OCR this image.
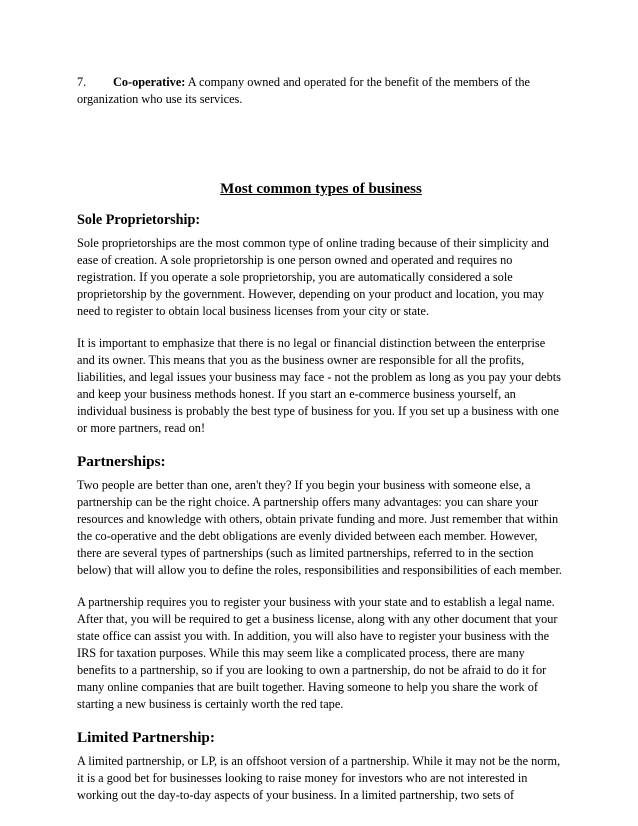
7. Co-operative: A company owned and operated for the benefit of the members of the organization who use its services.

Most common types of business
Sole Proprietorship:

Sole proprietorships are the most common type of online trading because of their simplicity and ease of creation. A sole proprietorship is one person owned and operated and requires no registration. If you operate a sole proprietorship, you are automatically considered a sole proprietorship by the government. However, depending on your product and location, you may need to register to obtain local business licenses from your city or state.

It is important to emphasize that there is no legal or financial distinction between the enterprise and its owner. This means that you as the business owner are responsible for all the profits, liabilities, and legal issues your business may face - not the problem as long as you pay your debts and keep your business methods honest. If you start an e-commerce business yourself, an individual business is probably the best type of business for you. If you set up a business with one or more partners, read on!

Partnerships:

Two people are better than one, aren't they? If you begin your business with someone else, a partnership can be the right choice. A partnership offers many advantages: you can share your resources and knowledge with others, obtain private funding and more. Just remember that within the co-operative and the debt obligations are evenly divided between each member. However, there are several types of partnerships (such as limited partnerships, referred to in the section below) that will allow you to define the roles, responsibilities and responsibilities of each member.

A partnership requires you to register your business with your state and to establish a legal name. After that, you will be required to get a business license, along with any other document that your state office can assist you with. In addition, you will also have to register your business with the IRS for taxation purposes. While this may seem like a complicated process, there are many benefits to a partnership, so if you are looking to own a partnership, do not be afraid to do it for many online companies that are built together. Having someone to help you share the work of starting a new business is certainly worth the red tape.

Limited Partnership:

A limited partnership, or LP, is an offshoot version of a partnership. While it may not be the norm, it is a good bet for businesses looking to raise money for investors who are not interested in working out the day-to-day aspects of your business. In a limited partnership, two sets of
